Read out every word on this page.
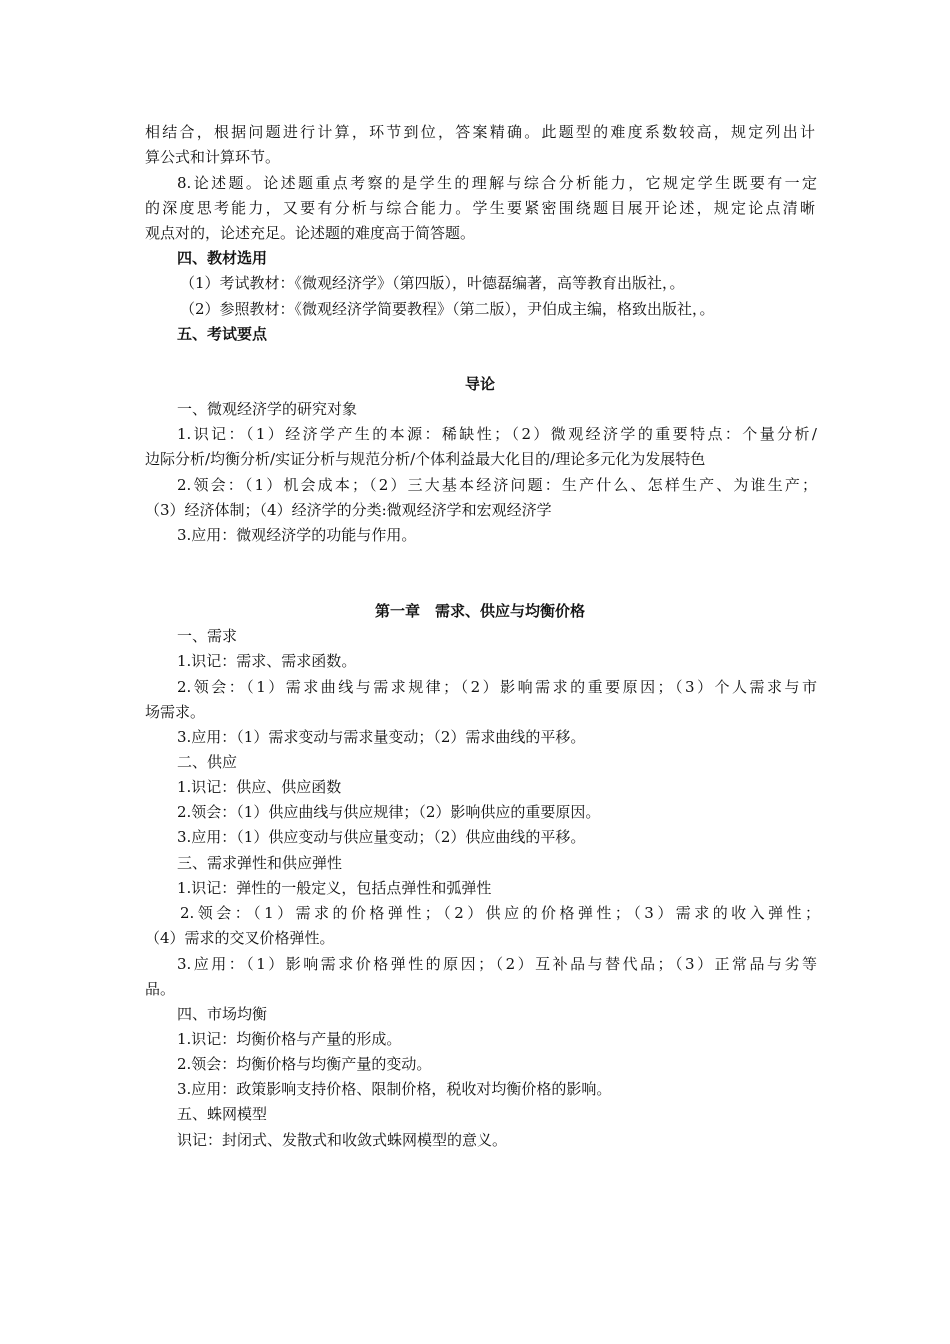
相结合，根据问题进行计算，环节到位，答案精确。此题型的难度系数较高，规定列出计
算公式和计算环节。
8.论述题。论述题重点考察的是学生的理解与综合分析能力，它规定学生既要有一定
的深度思考能力，又要有分析与综合能力。学生要紧密围绕题目展开论述，规定论点清晰
观点对的，论述充足。论述题的难度高于简答题。
四、教材选用
（1）考试教材：《微观经济学》（第四版），叶德磊编著，高等教育出版社，。
（2）参照教材：《微观经济学简要教程》（第二版），尹伯成主编，格致出版社，。
五、考试要点
导论
一、微观经济学的研究对象
1.识记：（1）经济学产生的本源：稀缺性；（2）微观经济学的重要特点：个量分析/
边际分析/均衡分析/实证分析与规范分析/个体利益最大化目的/理论多元化为发展特色
2.领会：（1）机会成本；（2）三大基本经济问题：生产什么、怎样生产、为谁生产；
（3）经济体制；（4）经济学的分类:微观经济学和宏观经济学
3.应用：微观经济学的功能与作用。
第一章　需求、供应与均衡价格
一、需求
1.识记：需求、需求函数。
2.领会：（1）需求曲线与需求规律；（2）影响需求的重要原因；（3）个人需求与市
场需求。
3.应用：（1）需求变动与需求量变动；（2）需求曲线的平移。
二、供应
1.识记：供应、供应函数
2.领会：（1）供应曲线与供应规律；（2）影响供应的重要原因。
3.应用：（1）供应变动与供应量变动；（2）供应曲线的平移。
三、需求弹性和供应弹性
1.识记：弹性的一般定义，包括点弹性和弧弹性
2.领会：（1）需求的价格弹性；（2）供应的价格弹性；（3）需求的收入弹性；
（4）需求的交叉价格弹性。
3.应用：（1）影响需求价格弹性的原因；（2）互补品与替代品；（3）正常品与劣等
品。
四、市场均衡
1.识记：均衡价格与产量的形成。
2.领会：均衡价格与均衡产量的变动。
3.应用：政策影响支持价格、限制价格，税收对均衡价格的影响。
五、蛛网模型
识记：封闭式、发散式和收敛式蛛网模型的意义。
